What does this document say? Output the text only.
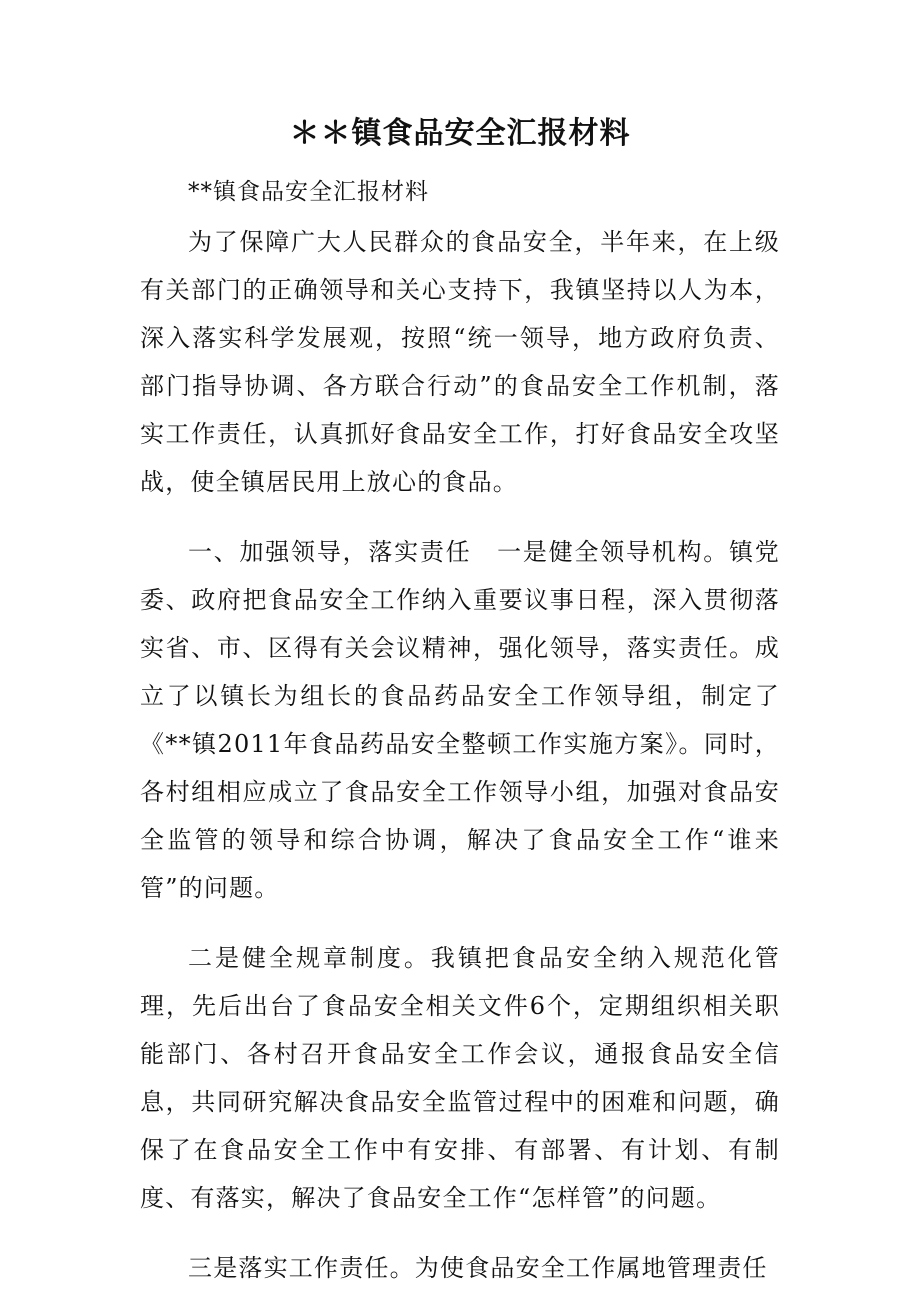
＊＊镇食品安全汇报材料

**镇食品安全汇报材料

为了保障广大人民群众的食品安全，半年来，在上级有关部门的正确领导和关心支持下，我镇坚持以人为本，深入落实科学发展观，按照“统一领导，地方政府负责、部门指导协调、各方联合行动”的食品安全工作机制，落实工作责任，认真抓好食品安全工作，打好食品安全攻坚战，使全镇居民用上放心的食品。

一、加强领导，落实责任　一是健全领导机构。镇党委、政府把食品安全工作纳入重要议事日程，深入贯彻落实省、市、区得有关会议精神，强化领导，落实责任。成立了以镇长为组长的食品药品安全工作领导组，制定了《**镇2011年食品药品安全整顿工作实施方案》。同时，各村组相应成立了食品安全工作领导小组，加强对食品安全监管的领导和综合协调，解决了食品安全工作“谁来管”的问题。

二是健全规章制度。我镇把食品安全纳入规范化管理，先后出台了食品安全相关文件6个，定期组织相关职能部门、各村召开食品安全工作会议，通报食品安全信息，共同研究解决食品安全监管过程中的困难和问题，确保了在食品安全工作中有安排、有部署、有计划、有制度、有落实，解决了食品安全工作“怎样管”的问题。

三是落实工作责任。为使食品安全工作属地管理责任
